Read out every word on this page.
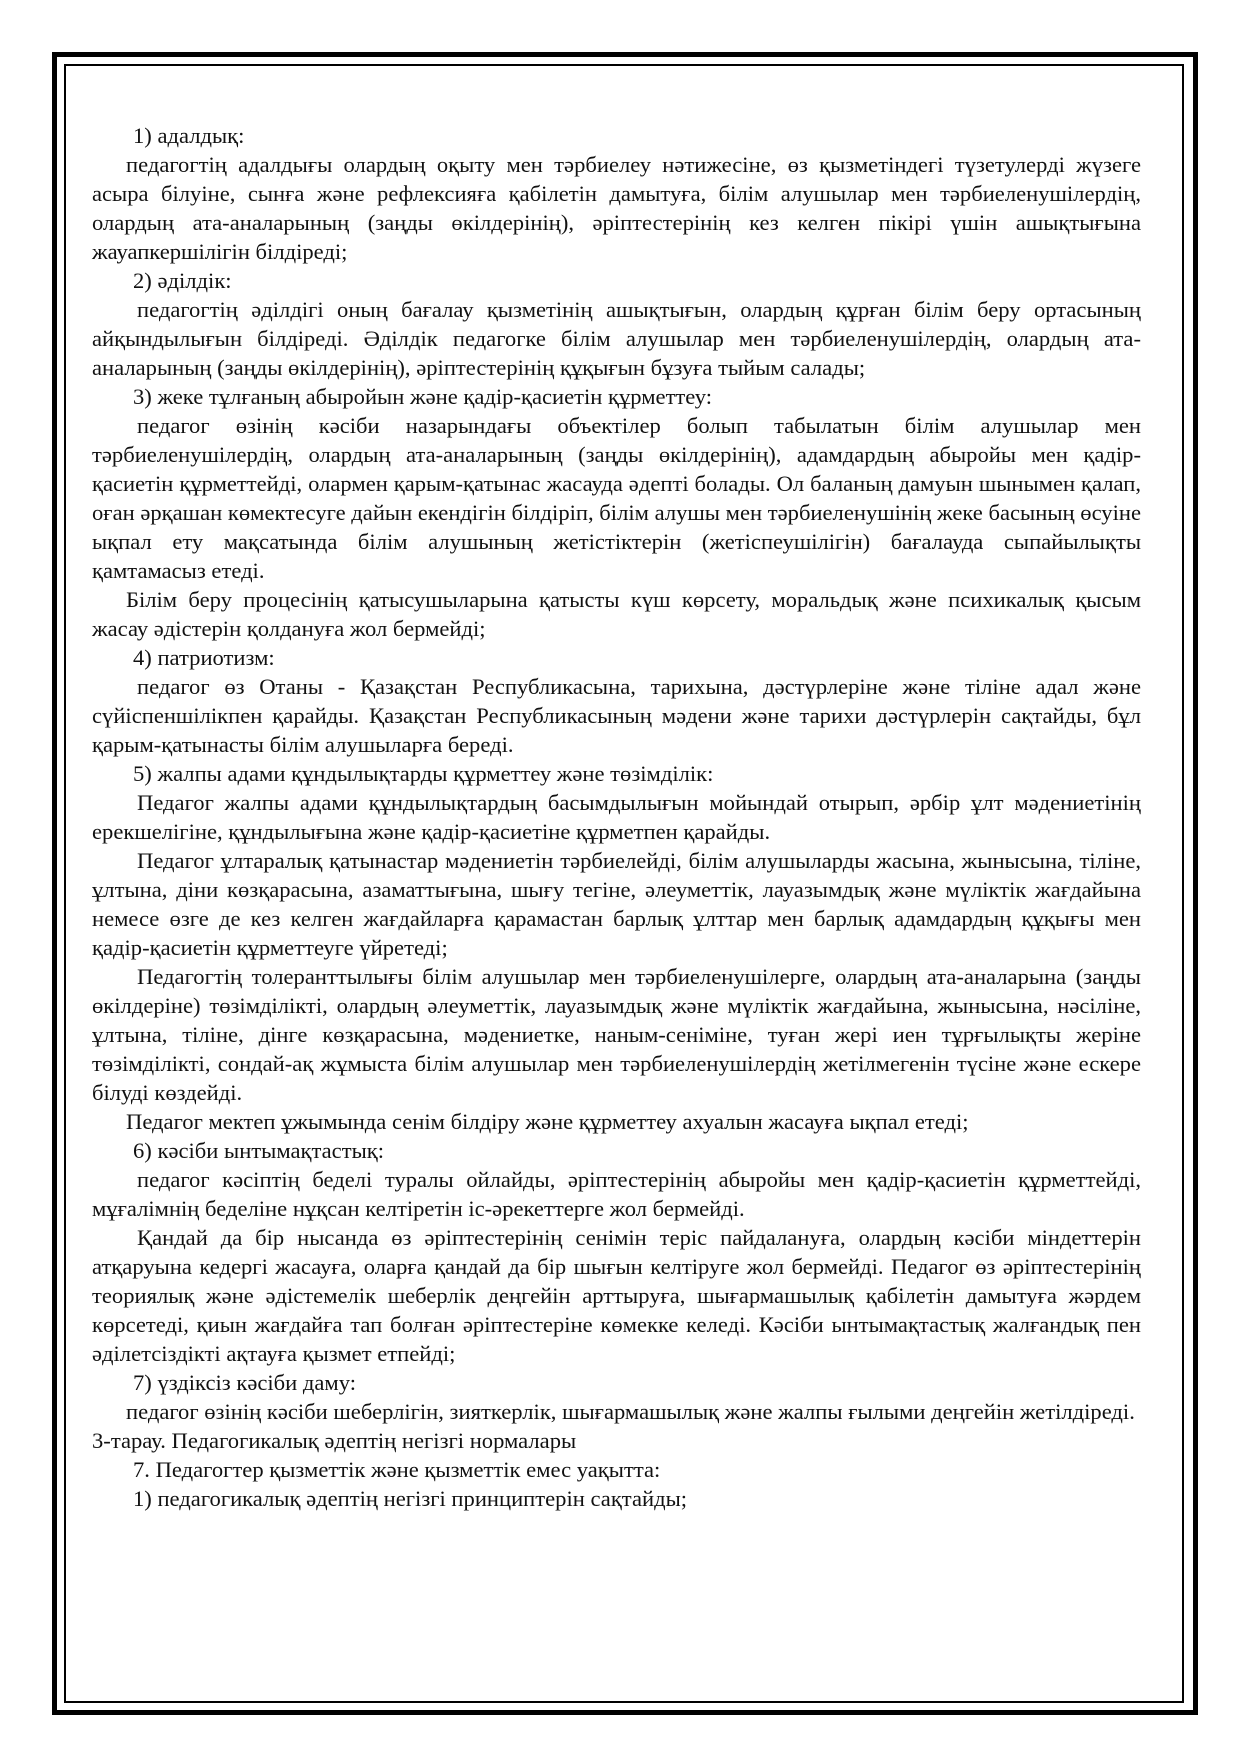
1) адалдық:

педагогтің адалдығы олардың оқыту мен тәрбиелеу нәтижесіне, өз қызметіндегі түзетулерді жүзеге асыра білуіне, сынға және рефлексияға қабілетін дамытуға, білім алушылар мен тәрбиеленушілердің, олардың ата-аналарының (заңды өкілдерінің), әріптестерінің кез келген пікірі үшін ашықтығына жауапкершілігін білдіреді;

2) әділдік:

педагогтің әділдігі оның бағалау қызметінің ашықтығын, олардың құрған білім беру ортасының айқындылығын білдіреді. Әділдік педагогке білім алушылар мен тәрбиеленушілердің, олардың ата-аналарының (заңды өкілдерінің), әріптестерінің құқығын бұзуға тыйым салады;

3) жеке тұлғаның абыройын және қадір-қасиетін құрметтеу:

педагог өзінің кәсіби назарындағы объектілер болып табылатын білім алушылар мен тәрбиеленушілердің, олардың ата-аналарының (заңды өкілдерінің), адамдардың абыройы мен қадір-қасиетін құрметтейді, олармен қарым-қатынас жасауда әдепті болады. Ол баланың дамуын шынымен қалап, оған әрқашан көмектесуге дайын екендігін білдіріп, білім алушы мен тәрбиеленушінің жеке басының өсуіне ықпал ету мақсатында білім алушының жетістіктерін (жетіспеушілігін) бағалауда сыпайылықты қамтамасыз етеді.

Білім беру процесінің қатысушыларына қатысты күш көрсету, моральдық және психикалық қысым жасау әдістерін қолдануға жол бермейді;

4) патриотизм:

педагог өз Отаны - Қазақстан Республикасына, тарихына, дәстүрлеріне және тіліне адал және сүйіспеншілікпен қарайды. Қазақстан Республикасының мәдени және тарихи дәстүрлерін сақтайды, бұл қарым-қатынасты білім алушыларға береді.

5) жалпы адами құндылықтарды құрметтеу және төзімділік:

Педагог жалпы адами құндылықтардың басымдылығын мойындай отырып, әрбір ұлт мәдениетінің ерекшелігіне, құндылығына және қадір-қасиетіне құрметпен қарайды.

Педагог ұлтаралық қатынастар мәдениетін тәрбиелейді, білім алушыларды жасына, жынысына, тіліне, ұлтына, діни көзқарасына, азаматтығына, шығу тегіне, әлеуметтік, лауазымдық және мүліктік жағдайына немесе өзге де кез келген жағдайларға қарамастан барлық ұлттар мен барлық адамдардың құқығы мен қадір-қасиетін құрметтеуге үйретеді;

Педагогтің толеранттылығы білім алушылар мен тәрбиеленушілерге, олардың ата-аналарына (заңды өкілдеріне) төзімділікті, олардың әлеуметтік, лауазымдық және мүліктік жағдайына, жынысына, нәсіліне, ұлтына, тіліне, дінге көзқарасына, мәдениетке, наным-сеніміне, туған жері иен тұрғылықты жеріне төзімділікті, сондай-ақ жұмыста білім алушылар мен тәрбиеленушілердің жетілмегенін түсіне және ескере білуді көздейді.

Педагог мектеп ұжымында сенім білдіру және құрметтеу ахуалын жасауға ықпал етеді;

6) кәсіби ынтымақтастық:

педагог кәсіптің беделі туралы ойлайды, әріптестерінің абыройы мен қадір-қасиетін құрметтейді, мұғалімнің беделіне нұқсан келтіретін іс-әрекеттерге жол бермейді.

Қандай да бір нысанда өз әріптестерінің сенімін теріс пайдалануға, олардың кәсіби міндеттерін атқаруына кедергі жасауға, оларға қандай да бір шығын келтіруге жол бермейді. Педагог өз әріптестерінің теориялық және әдістемелік шеберлік деңгейін арттыруға, шығармашылық қабілетін дамытуға жәрдем көрсетеді, қиын жағдайға тап болған әріптестеріне көмекке келеді. Кәсіби ынтымақтастық жалғандық пен әділетсіздікті ақтауға қызмет етпейді;

7) үздіксіз кәсіби даму:

педагог өзінің кәсіби шеберлігін, зияткерлік, шығармашылық және жалпы ғылыми деңгейін жетілдіреді.

3-тарау. Педагогикалық әдептің негізгі нормалары

7. Педагогтер қызметтік және қызметтік емес уақытта:

1) педагогикалық әдептің негізгі принциптерін сақтайды;
